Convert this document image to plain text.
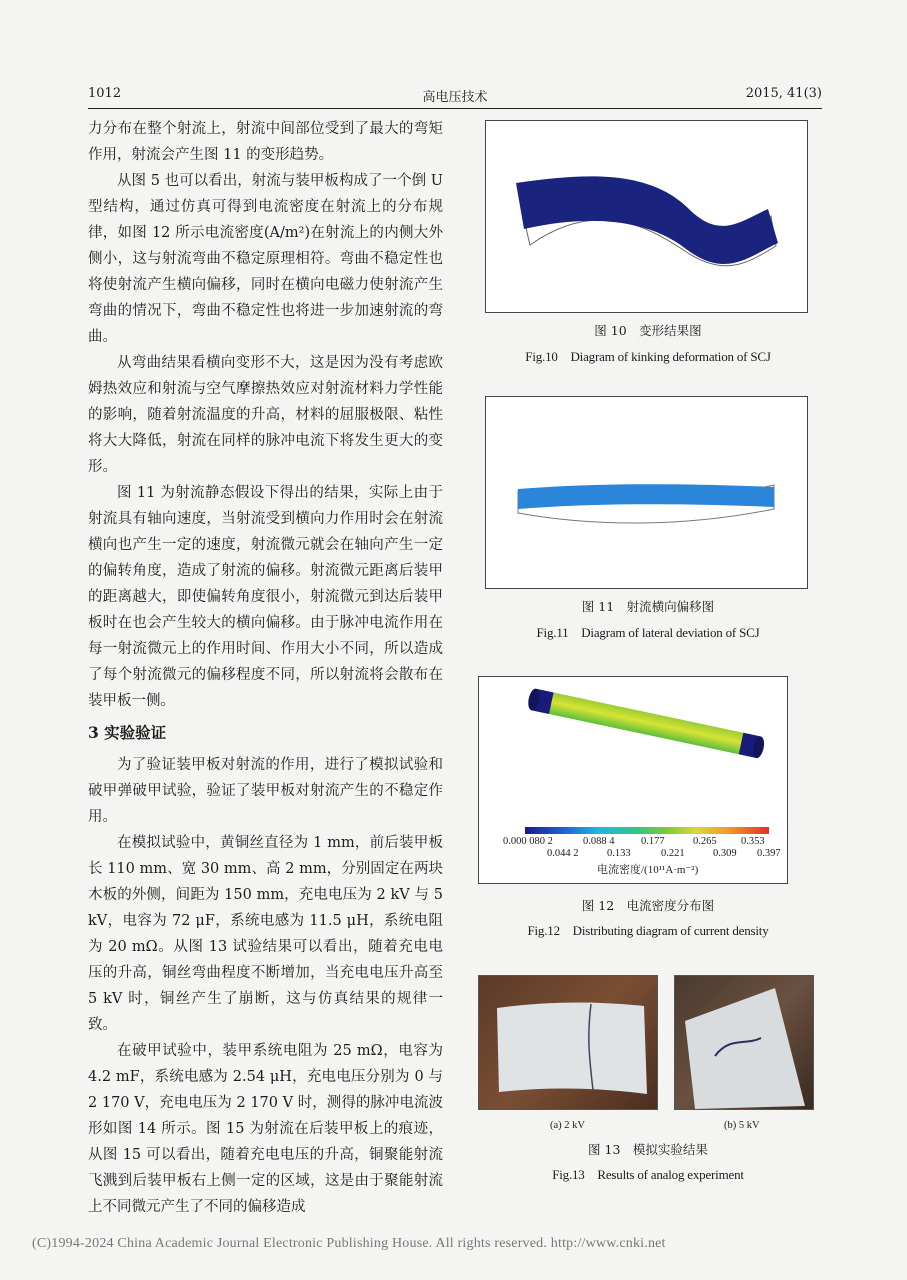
1012	高电压技术	2015, 41(3)

力分布在整个射流上，射流中间部位受到了最大的弯矩作用，射流会产生图 11 的变形趋势。

从图 5 也可以看出，射流与装甲板构成了一个倒 U 型结构，通过仿真可得到电流密度在射流上的分布规律，如图 12 所示电流密度(A/m²)在射流上的内侧大外侧小，这与射流弯曲不稳定原理相符。弯曲不稳定性也将使射流产生横向偏移，同时在横向电磁力使射流产生弯曲的情况下，弯曲不稳定性也将进一步加速射流的弯曲。

从弯曲结果看横向变形不大，这是因为没有考虑欧姆热效应和射流与空气摩擦热效应对射流材料力学性能的影响，随着射流温度的升高，材料的屈服极限、粘性将大大降低，射流在同样的脉冲电流下将发生更大的变形。

图 11 为射流静态假设下得出的结果，实际上由于射流具有轴向速度，当射流受到横向力作用时会在射流横向也产生一定的速度，射流微元就会在轴向产生一定的偏转角度，造成了射流的偏移。射流微元距离后装甲的距离越大，即使偏转角度很小，射流微元到达后装甲板时在也会产生较大的横向偏移。由于脉冲电流作用在每一射流微元上的作用时间、作用大小不同，所以造成了每个射流微元的偏移程度不同，所以射流将会散布在装甲板一侧。

3 实验验证

为了验证装甲板对射流的作用，进行了模拟试验和破甲弹破甲试验，验证了装甲板对射流产生的不稳定作用。

在模拟试验中，黄铜丝直径为 1 mm，前后装甲板长 110 mm、宽 30 mm、高 2 mm，分别固定在两块木板的外侧，间距为 150 mm，充电电压为 2 kV 与 5 kV，电容为 72 μF，系统电感为 11.5 μH，系统电阻为 20 mΩ。从图 13 试验结果可以看出，随着充电电压的升高，铜丝弯曲程度不断增加，当充电电压升高至 5 kV 时，铜丝产生了崩断，这与仿真结果的规律一致。

在破甲试验中，装甲系统电阻为 25 mΩ，电容为 4.2 mF，系统电感为 2.54 μH，充电电压分别为 0 与 2 170 V，充电电压为 2 170 V 时，测得的脉冲电流波形如图 14 所示。图 15 为射流在后装甲板上的痕迹，从图 15 可以看出，随着充电电压的升高，铜聚能射流飞溅到后装甲板右上侧一定的区域，这是由于聚能射流上不同微元产生了不同的偏移造成

图 10　变形结果图
Fig.10　Diagram of kinking deformation of SCJ
图 11　射流横向偏移图
Fig.11　Diagram of lateral deviation of SCJ
0.000 080 2	0.088 4	0.177	0.265 0.353
0.044 2	0.133	0.221	0.309 0.397
电流密度/(10¹¹A·m⁻²)
图 12　电流密度分布图
Fig.12　Distributing diagram of current density
(a) 2 kV	(b) 5 kV
图 13　模拟实验结果
Fig.13　Results of analog experiment
(C)1994-2024 China Academic Journal Electronic Publishing House. All rights reserved. http://www.cnki.net
